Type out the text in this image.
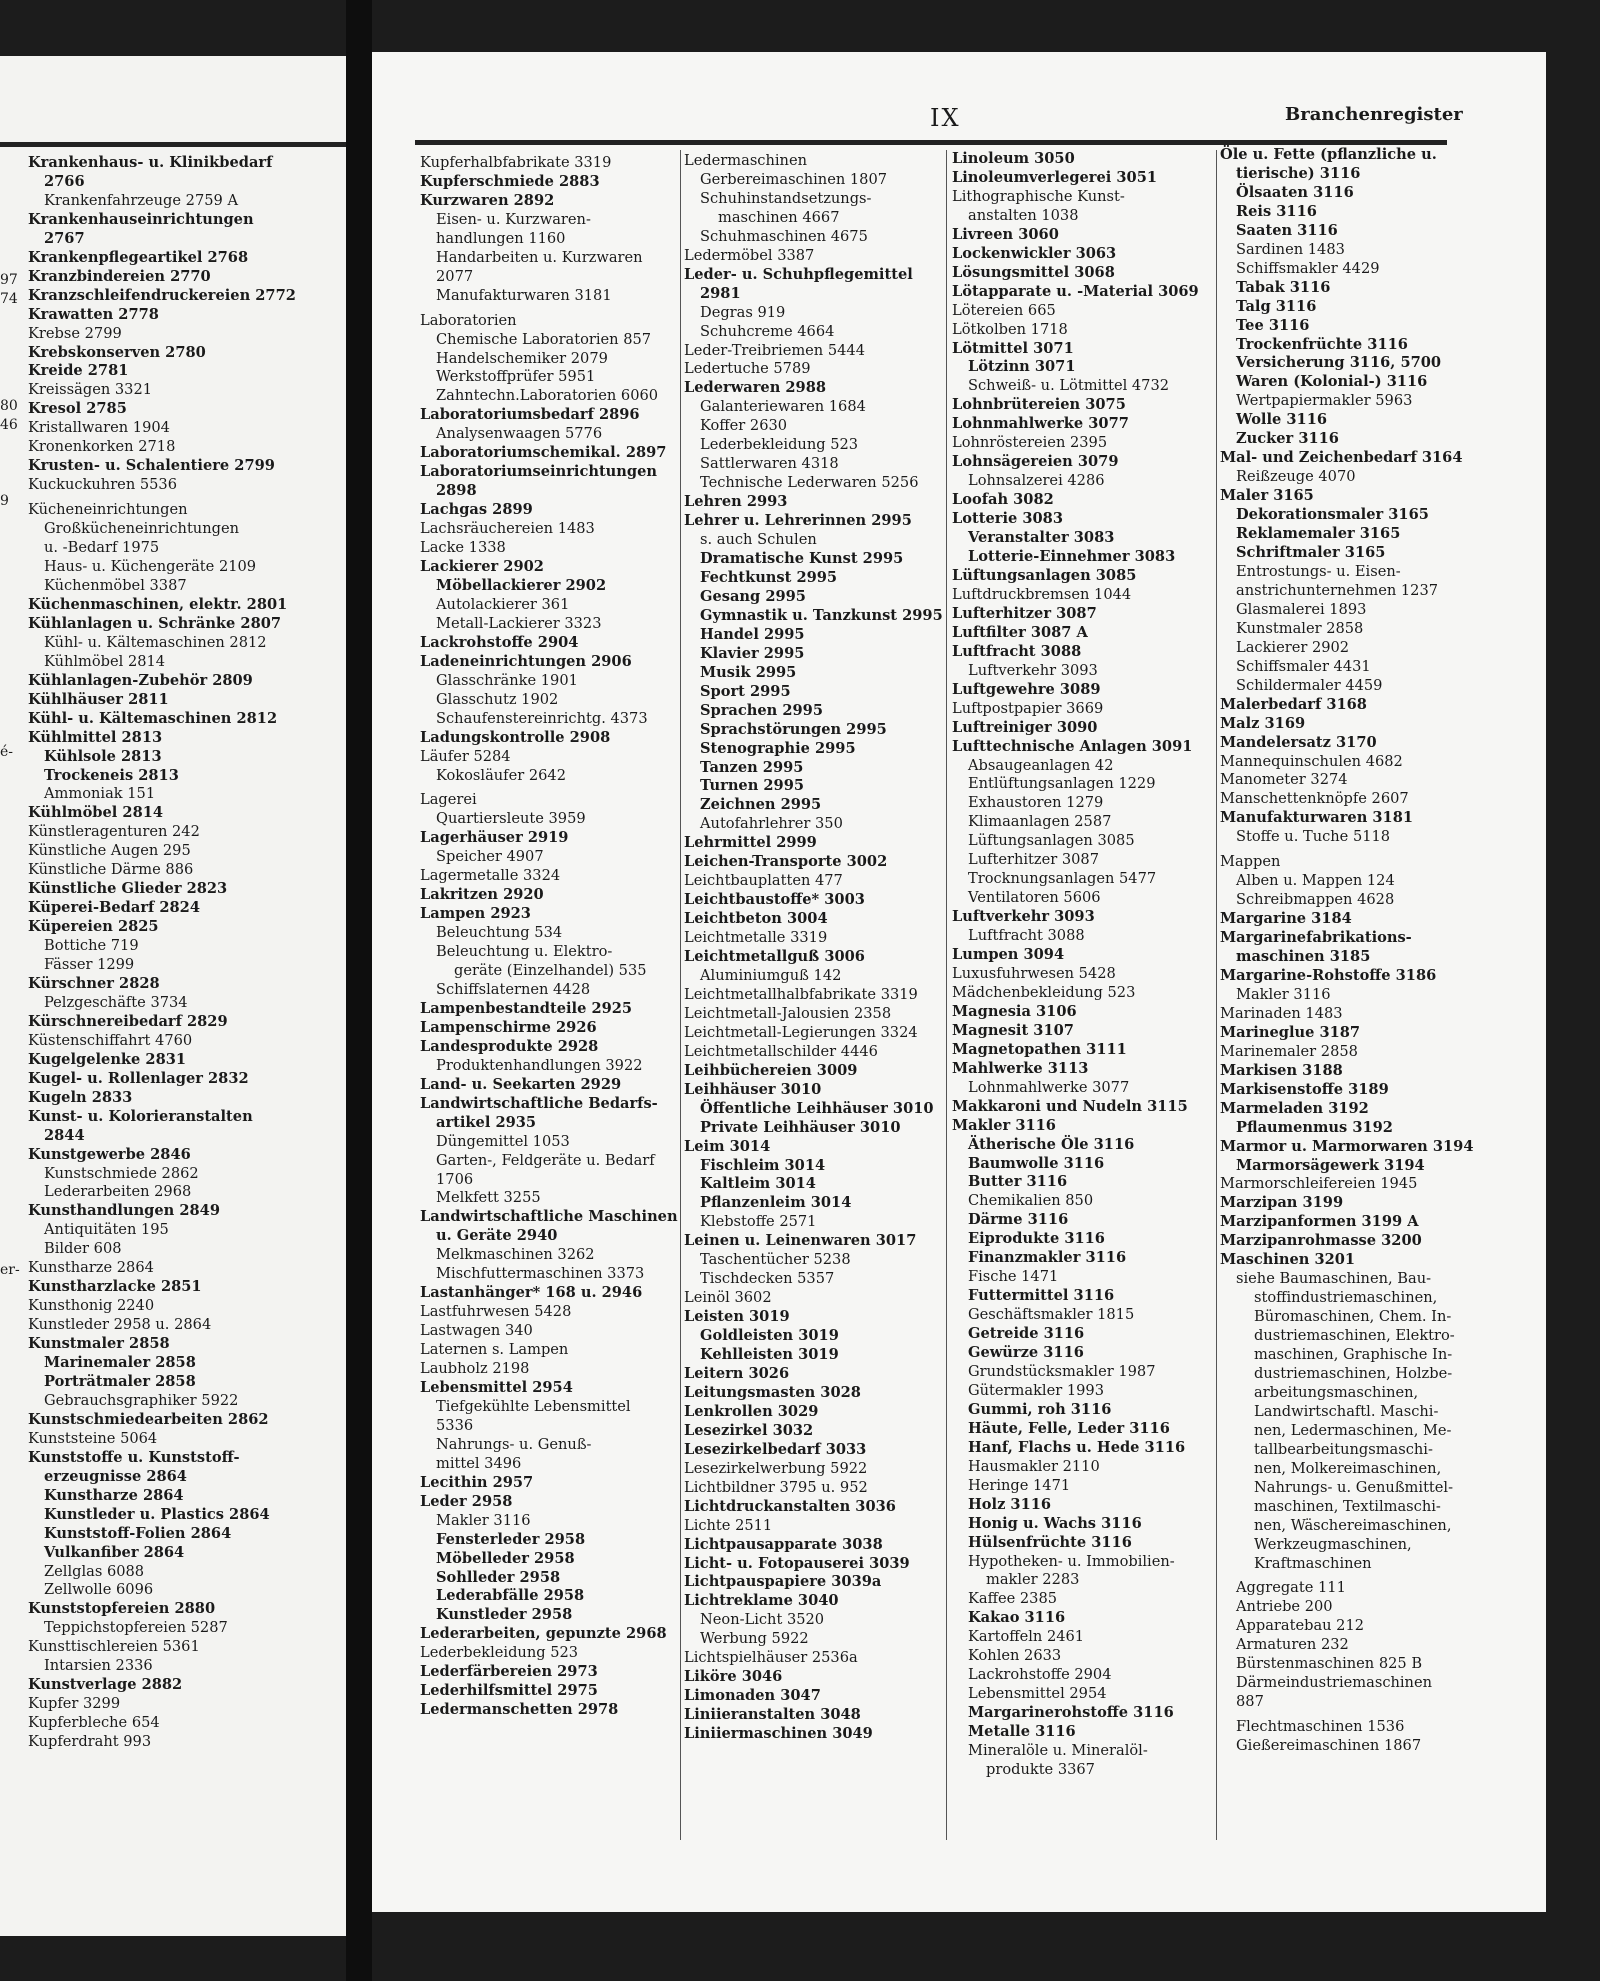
IX	Branchenregister
97
74
80
46
9
é-
er-
Krankenhaus- u. Klinikbedarf
2766
Krankenfahrzeuge 2759 A
Krankenhauseinrichtungen
2767
Krankenpflegeartikel 2768
Kranzbindereien 2770
Kranzschleifendruckereien 2772
Krawatten 2778
Krebse 2799
Krebskonserven 2780
Kreide 2781
Kreissägen 3321
Kresol 2785
Kristallwaren 1904
Kronenkorken 2718
Krusten- u. Schalentiere 2799
Kuckuckuhren 5536
Kücheneinrichtungen
Großkücheneinrichtungen
u. -Bedarf 1975
Haus- u. Küchengeräte 2109
Küchenmöbel 3387
Küchenmaschinen, elektr. 2801
Kühlanlagen u. Schränke 2807
Kühl- u. Kältemaschinen 2812
Kühlmöbel 2814
Kühlanlagen-Zubehör 2809
Kühlhäuser 2811
Kühl- u. Kältemaschinen 2812
Kühlmittel 2813
Kühlsole 2813
Trockeneis 2813
Ammoniak 151
Kühlmöbel 2814
Künstleragenturen 242
Künstliche Augen 295
Künstliche Därme 886
Künstliche Glieder 2823
Küperei-Bedarf 2824
Küpereien 2825
Bottiche 719
Fässer 1299
Kürschner 2828
Pelzgeschäfte 3734
Kürschnereibedarf 2829
Küstenschiffahrt 4760
Kugelgelenke 2831
Kugel- u. Rollenlager 2832
Kugeln 2833
Kunst- u. Kolorieranstalten
2844
Kunstgewerbe 2846
Kunstschmiede 2862
Lederarbeiten 2968
Kunsthandlungen 2849
Antiquitäten 195
Bilder 608
Kunstharze 2864
Kunstharzlacke 2851
Kunsthonig 2240
Kunstleder 2958 u. 2864
Kunstmaler 2858
Marinemaler 2858
Porträtmaler 2858
Gebrauchsgraphiker 5922
Kunstschmiedearbeiten 2862
Kunststeine 5064
Kunststoffe u. Kunststoff-
erzeugnisse 2864
Kunstharze 2864
Kunstleder u. Plastics 2864
Kunststoff-Folien 2864
Vulkanfiber 2864
Zellglas 6088
Zellwolle 6096
Kunststopfereien 2880
Teppichstopfereien 5287
Kunsttischlereien 5361
Intarsien 2336
Kunstverlage 2882
Kupfer 3299
Kupferbleche 654
Kupferdraht 993
Kupferhalbfabrikate 3319
Kupferschmiede 2883
Kurzwaren 2892
Eisen- u. Kurzwaren-
handlungen 1160
Handarbeiten u. Kurzwaren
2077
Manufakturwaren 3181
Laboratorien
Chemische Laboratorien 857
Handelschemiker 2079
Werkstoffprüfer 5951
Zahntechn.Laboratorien 6060
Laboratoriumsbedarf 2896
Analysenwaagen 5776
Laboratoriumschemikal. 2897
Laboratoriumseinrichtungen
2898
Lachgas 2899
Lachsräuchereien 1483
Lacke 1338
Lackierer 2902
Möbellackierer 2902
Autolackierer 361
Metall-Lackierer 3323
Lackrohstoffe 2904
Ladeneinrichtungen 2906
Glasschränke 1901
Glasschutz 1902
Schaufenstereinrichtg. 4373
Ladungskontrolle 2908
Läufer 5284
Kokosläufer 2642
Lagerei
Quartiersleute 3959
Lagerhäuser 2919
Speicher 4907
Lagermetalle 3324
Lakritzen 2920
Lampen 2923
Beleuchtung 534
Beleuchtung u. Elektro-
geräte (Einzelhandel) 535
Schiffslaternen 4428
Lampenbestandteile 2925
Lampenschirme 2926
Landesprodukte 2928
Produktenhandlungen 3922
Land- u. Seekarten 2929
Landwirtschaftliche Bedarfs-
artikel 2935
Düngemittel 1053
Garten-, Feldgeräte u. Bedarf
1706
Melkfett 3255
Landwirtschaftliche Maschinen
u. Geräte 2940
Melkmaschinen 3262
Mischfuttermaschinen 3373
Lastanhänger* 168 u. 2946
Lastfuhrwesen 5428
Lastwagen 340
Laternen s. Lampen
Laubholz 2198
Lebensmittel 2954
Tiefgekühlte Lebensmittel
5336
Nahrungs- u. Genuß-
mittel 3496
Lecithin 2957
Leder 2958
Makler 3116
Fensterleder 2958
Möbelleder 2958
Sohlleder 2958
Lederabfälle 2958
Kunstleder 2958
Lederarbeiten, gepunzte 2968
Lederbekleidung 523
Lederfärbereien 2973
Lederhilfsmittel 2975
Ledermanschetten 2978
Ledermaschinen
Gerbereimaschinen 1807
Schuhinstandsetzungs-
maschinen 4667
Schuhmaschinen 4675
Ledermöbel 3387
Leder- u. Schuhpflegemittel
2981
Degras 919
Schuhcreme 4664
Leder-Treibriemen 5444
Ledertuche 5789
Lederwaren 2988
Galanteriewaren 1684
Koffer 2630
Lederbekleidung 523
Sattlerwaren 4318
Technische Lederwaren 5256
Lehren 2993
Lehrer u. Lehrerinnen 2995
s. auch Schulen
Dramatische Kunst 2995
Fechtkunst 2995
Gesang 2995
Gymnastik u. Tanzkunst 2995
Handel 2995
Klavier 2995
Musik 2995
Sport 2995
Sprachen 2995
Sprachstörungen 2995
Stenographie 2995
Tanzen 2995
Turnen 2995
Zeichnen 2995
Autofahrlehrer 350
Lehrmittel 2999
Leichen-Transporte 3002
Leichtbauplatten 477
Leichtbaustoffe* 3003
Leichtbeton 3004
Leichtmetalle 3319
Leichtmetallguß 3006
Aluminiumguß 142
Leichtmetallhalbfabrikate 3319
Leichtmetall-Jalousien 2358
Leichtmetall-Legierungen 3324
Leichtmetallschilder 4446
Leihbüchereien 3009
Leihhäuser 3010
Öffentliche Leihhäuser 3010
Private Leihhäuser 3010
Leim 3014
Fischleim 3014
Kaltleim 3014
Pflanzenleim 3014
Klebstoffe 2571
Leinen u. Leinenwaren 3017
Taschentücher 5238
Tischdecken 5357
Leinöl 3602
Leisten 3019
Goldleisten 3019
Kehlleisten 3019
Leitern 3026
Leitungsmasten 3028
Lenkrollen 3029
Lesezirkel 3032
Lesezirkelbedarf 3033
Lesezirkelwerbung 5922
Lichtbildner 3795 u. 952
Lichtdruckanstalten 3036
Lichte 2511
Lichtpausapparate 3038
Licht- u. Fotopauserei 3039
Lichtpauspapiere 3039a
Lichtreklame 3040
Neon-Licht 3520
Werbung 5922
Lichtspielhäuser 2536a
Liköre 3046
Limonaden 3047
Liniieranstalten 3048
Liniiermaschinen 3049
Linoleum 3050
Linoleumverlegerei 3051
Lithographische Kunst-
anstalten 1038
Livreen 3060
Lockenwickler 3063
Lösungsmittel 3068
Lötapparate u. -Material 3069
Lötereien 665
Lötkolben 1718
Lötmittel 3071
Lötzinn 3071
Schweiß- u. Lötmittel 4732
Lohnbrütereien 3075
Lohnmahlwerke 3077
Lohnröstereien 2395
Lohnsägereien 3079
Lohnsalzerei 4286
Loofah 3082
Lotterie 3083
Veranstalter 3083
Lotterie-Einnehmer 3083
Lüftungsanlagen 3085
Luftdruckbremsen 1044
Lufterhitzer 3087
Luftfilter 3087 A
Luftfracht 3088
Luftverkehr 3093
Luftgewehre 3089
Luftpostpapier 3669
Luftreiniger 3090
Lufttechnische Anlagen 3091
Absaugeanlagen 42
Entlüftungsanlagen 1229
Exhaustoren 1279
Klimaanlagen 2587
Lüftungsanlagen 3085
Lufterhitzer 3087
Trocknungsanlagen 5477
Ventilatoren 5606
Luftverkehr 3093
Luftfracht 3088
Lumpen 3094
Luxusfuhrwesen 5428
Mädchenbekleidung 523
Magnesia 3106
Magnesit 3107
Magnetopathen 3111
Mahlwerke 3113
Lohnmahlwerke 3077
Makkaroni und Nudeln 3115
Makler 3116
Ätherische Öle 3116
Baumwolle 3116
Butter 3116
Chemikalien 850
Därme 3116
Eiprodukte 3116
Finanzmakler 3116
Fische 1471
Futtermittel 3116
Geschäftsmakler 1815
Getreide 3116
Gewürze 3116
Grundstücksmakler 1987
Gütermakler 1993
Gummi, roh 3116
Häute, Felle, Leder 3116
Hanf, Flachs u. Hede 3116
Hausmakler 2110
Heringe 1471
Holz 3116
Honig u. Wachs 3116
Hülsenfrüchte 3116
Hypotheken- u. Immobilien-
makler 2283
Kaffee 2385
Kakao 3116
Kartoffeln 2461
Kohlen 2633
Lackrohstoffe 2904
Lebensmittel 2954
Margarinerohstoffe 3116
Metalle 3116
Mineralöle u. Mineralöl-
produkte 3367
Öle u. Fette (pflanzliche u.
tierische) 3116
Ölsaaten 3116
Reis 3116
Saaten 3116
Sardinen 1483
Schiffsmakler 4429
Tabak 3116
Talg 3116
Tee 3116
Trockenfrüchte 3116
Versicherung 3116, 5700
Waren (Kolonial-) 3116
Wertpapiermakler 5963
Wolle 3116
Zucker 3116
Mal- und Zeichenbedarf 3164
Reißzeuge 4070
Maler 3165
Dekorationsmaler 3165
Reklamemaler 3165
Schriftmaler 3165
Entrostungs- u. Eisen-
anstrichunternehmen 1237
Glasmalerei 1893
Kunstmaler 2858
Lackierer 2902
Schiffsmaler 4431
Schildermaler 4459
Malerbedarf 3168
Malz 3169
Mandelersatz 3170
Mannequinschulen 4682
Manometer 3274
Manschettenknöpfe 2607
Manufakturwaren 3181
Stoffe u. Tuche 5118
Mappen
Alben u. Mappen 124
Schreibmappen 4628
Margarine 3184
Margarinefabrikations-
maschinen 3185
Margarine-Rohstoffe 3186
Makler 3116
Marinaden 1483
Marineglue 3187
Marinemaler 2858
Markisen 3188
Markisenstoffe 3189
Marmeladen 3192
Pflaumenmus 3192
Marmor u. Marmorwaren 3194
Marmorsägewerk 3194
Marmorschleifereien 1945
Marzipan 3199
Marzipanformen 3199 A
Marzipanrohmasse 3200
Maschinen 3201
siehe Baumaschinen, Bau-
stoffindustriemaschinen,
Büromaschinen, Chem. In-
dustriemaschinen, Elektro-
maschinen, Graphische In-
dustriemaschinen, Holzbe-
arbeitungsmaschinen,
Landwirtschaftl. Maschi-
nen, Ledermaschinen, Me-
tallbearbeitungsmaschi-
nen, Molkereimaschinen,
Nahrungs- u. Genußmittel-
maschinen, Textilmaschi-
nen, Wäschereimaschinen,
Werkzeugmaschinen,
Kraftmaschinen
Aggregate 111
Antriebe 200
Apparatebau 212
Armaturen 232
Bürstenmaschinen 825 B
Därmeindustriemaschinen
887
Flechtmaschinen 1536
Gießereimaschinen 1867
